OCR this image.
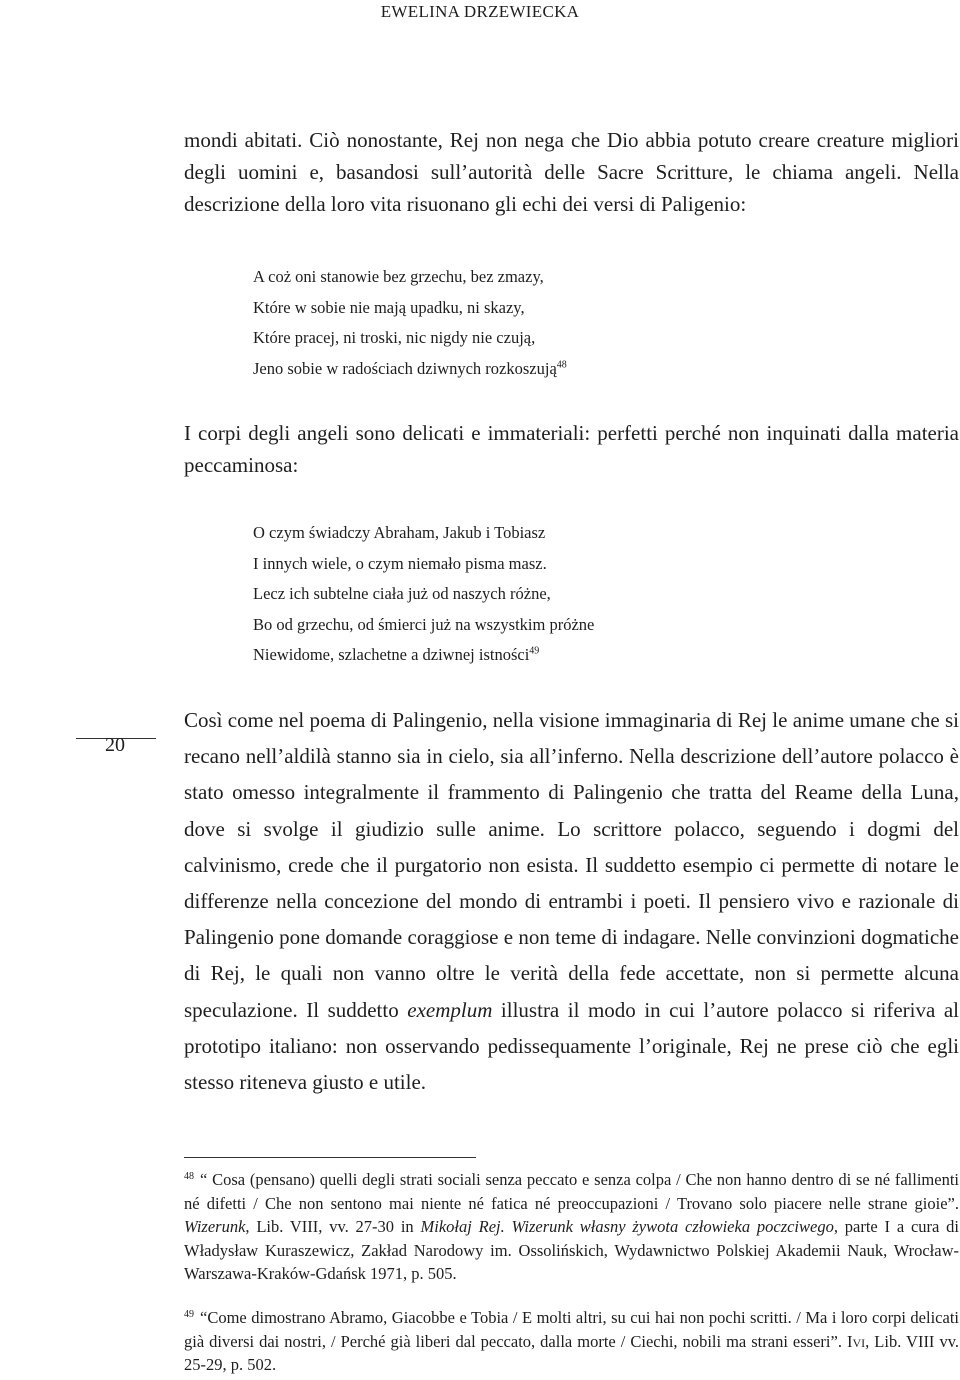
EWELINA DRZEWIECKA

mondi abitati. Ciò nonostante, Rej non nega che Dio abbia potuto creare creature migliori degli uomini e, basandosi sull’autorità delle Sacre Scritture, le chiama angeli. Nella descrizione della loro vita risuonano gli echi dei versi di Paligenio:

A coż oni stanowie bez grzechu, bez zmazy,
Które w sobie nie mają upadku, ni skazy,
Które pracej, ni troski, nic nigdy nie czują,
Jeno sobie w radościach dziwnych rozkoszują$^{48}$

I corpi degli angeli sono delicati e immateriali: perfetti perché non inquinati dalla materia peccaminosa:

O czym świadczy Abraham, Jakub i Tobiasz
I innych wiele, o czym niemało pisma masz.
Lecz ich subtelne ciała już od naszych różne,
Bo od grzechu, od śmierci już na wszystkim próżne
Niewidome, szlachetne a dziwnej istności$^{49}$
20

Così come nel poema di Palingenio, nella visione immaginaria di Rej le anime umane che si recano nell’aldilà stanno sia in cielo, sia all’inferno. Nella descrizione dell’autore polacco è stato omesso integralmente il frammento di Palingenio che tratta del Reame della Luna, dove si svolge il giudizio sulle anime. Lo scrittore polacco, seguendo i dogmi del calvinismo, crede che il purgatorio non esista. Il suddetto esempio ci permette di notare le differenze nella concezione del mondo di entrambi i poeti. Il pensiero vivo e razionale di Palingenio pone domande coraggiose e non teme di indagare. Nelle convinzioni dogmatiche di Rej, le quali non vanno oltre le verità della fede accettate, non si permette alcuna speculazione. Il suddetto exemplum illustra il modo in cui l’autore polacco si riferiva al prototipo italiano: non osservando pedissequamente l’originale, Rej ne prese ciò che egli stesso riteneva giusto e utile.

$^{48}$ “ Cosa (pensano) quelli degli strati sociali senza peccato e senza colpa / Che non hanno dentro di se né fallimenti né difetti / Che non sentono mai niente né fatica né preoccupazioni / Trovano solo piacere nelle strane gioie”. Wizerunk, Lib. VIII, vv. 27-30 in Mikołaj Rej. Wizerunk własny żywota człowieka poczciwego, parte I a cura di Władysław Kuraszewicz, Zakład Narodowy im. Ossolińskich, Wydawnictwo Polskiej Akademii Nauk, Wrocław-Warszawa-Kraków-Gdańsk 1971, p. 505.

$^{49}$ “Come dimostrano Abramo, Giacobbe e Tobia / E molti altri, su cui hai non pochi scritti. / Ma i loro corpi delicati già diversi dai nostri, / Perché già liberi dal peccato, dalla morte / Ciechi, nobili ma strani esseri”. Ivi, Lib. VIII vv. 25-29, p. 502.
